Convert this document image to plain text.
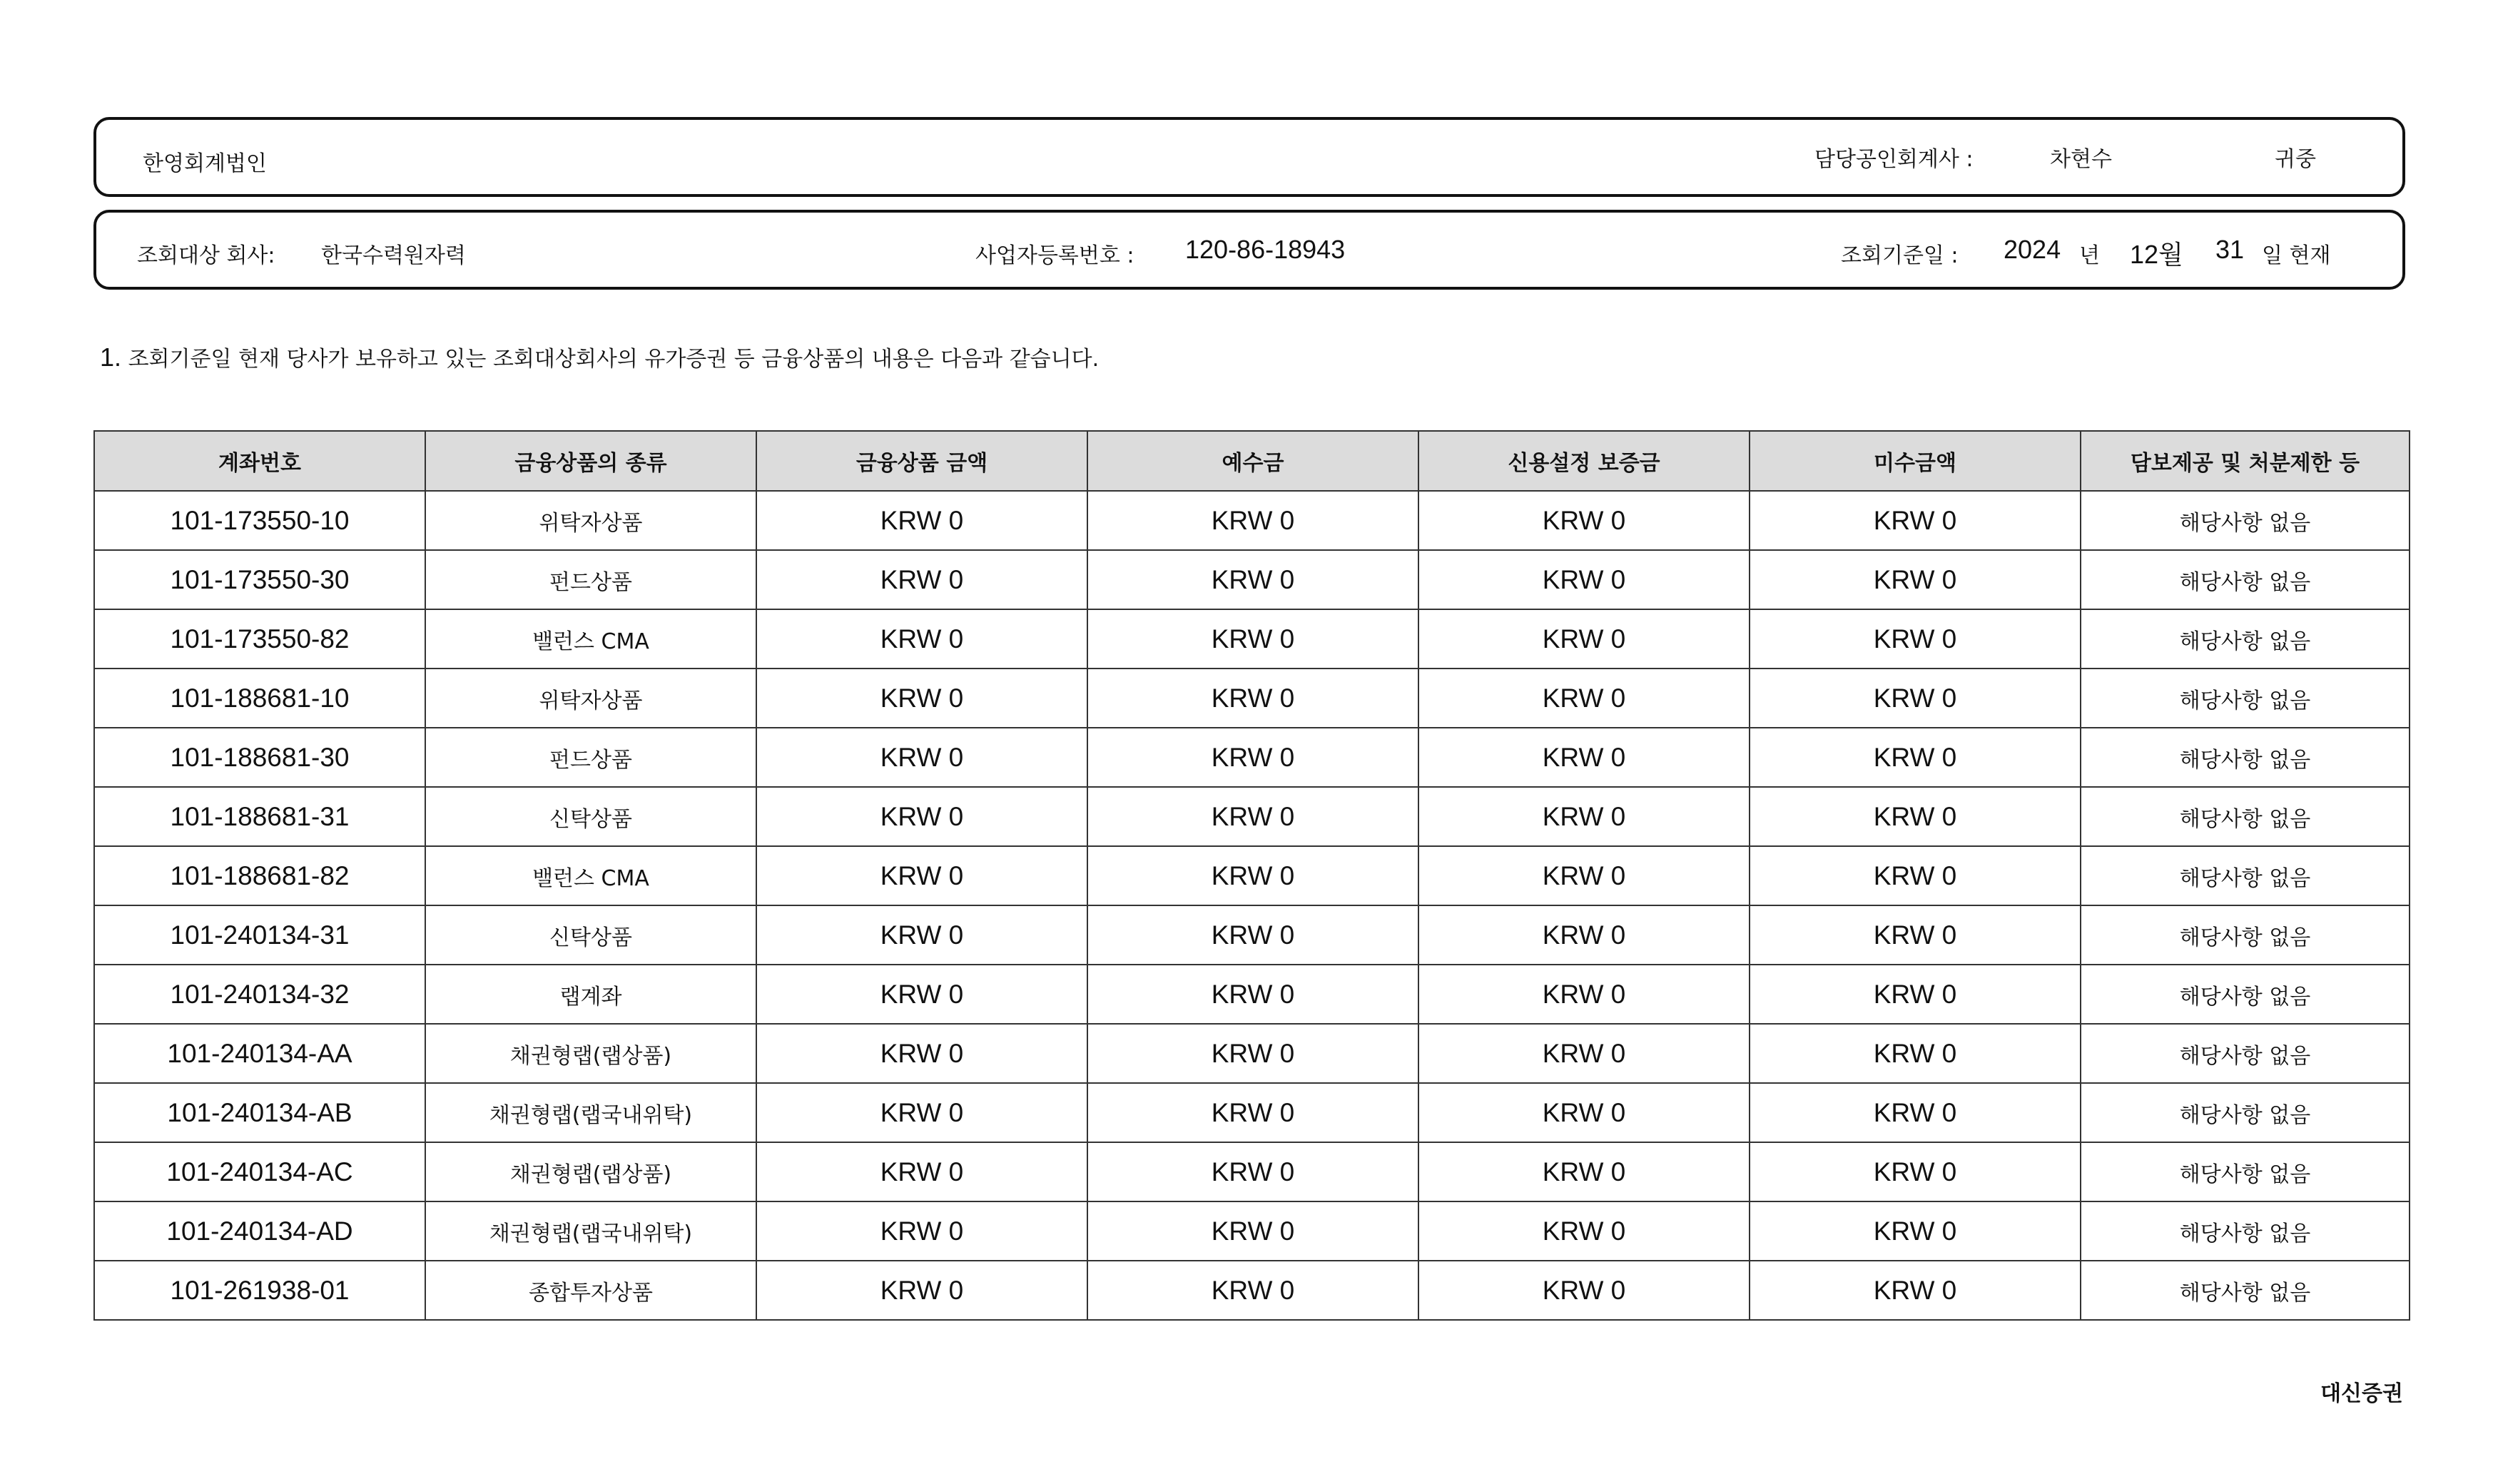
한영회계법인	담당공인회계사 :	차현수	귀중
조회대상 회사: 한국수력원자력	사업자등록번호 : 120-86-18943	조회기준일 : 2024 년 12월 31 일 현재
1. 조회기준일 현재 당사가 보유하고 있는 조회대상회사의 유가증권 등 금융상품의 내용은 다음과 같습니다.
계좌번호	금융상품의 종류	금융상품 금액	예수금	신용설정 보증금	미수금액	담보제공 및 처분제한 등
101-173550-10	위탁자상품	KRW 0	KRW 0	KRW 0	KRW 0	해당사항 없음
101-173550-30	펀드상품	KRW 0	KRW 0	KRW 0	KRW 0	해당사항 없음
101-173550-82	밸런스 CMA	KRW 0	KRW 0	KRW 0	KRW 0	해당사항 없음
101-188681-10	위탁자상품	KRW 0	KRW 0	KRW 0	KRW 0	해당사항 없음
101-188681-30	펀드상품	KRW 0	KRW 0	KRW 0	KRW 0	해당사항 없음
101-188681-31	신탁상품	KRW 0	KRW 0	KRW 0	KRW 0	해당사항 없음
101-188681-82	밸런스 CMA	KRW 0	KRW 0	KRW 0	KRW 0	해당사항 없음
101-240134-31	신탁상품	KRW 0	KRW 0	KRW 0	KRW 0	해당사항 없음
101-240134-32	랩계좌	KRW 0	KRW 0	KRW 0	KRW 0	해당사항 없음
101-240134-AA	채권형랩(랩상품)	KRW 0	KRW 0	KRW 0	KRW 0	해당사항 없음
101-240134-AB	채권형랩(랩국내위탁)	KRW 0	KRW 0	KRW 0	KRW 0	해당사항 없음
101-240134-AC	채권형랩(랩상품)	KRW 0	KRW 0	KRW 0	KRW 0	해당사항 없음
101-240134-AD	채권형랩(랩국내위탁)	KRW 0	KRW 0	KRW 0	KRW 0	해당사항 없음
101-261938-01	종합투자상품	KRW 0	KRW 0	KRW 0	KRW 0	해당사항 없음
대신증권
